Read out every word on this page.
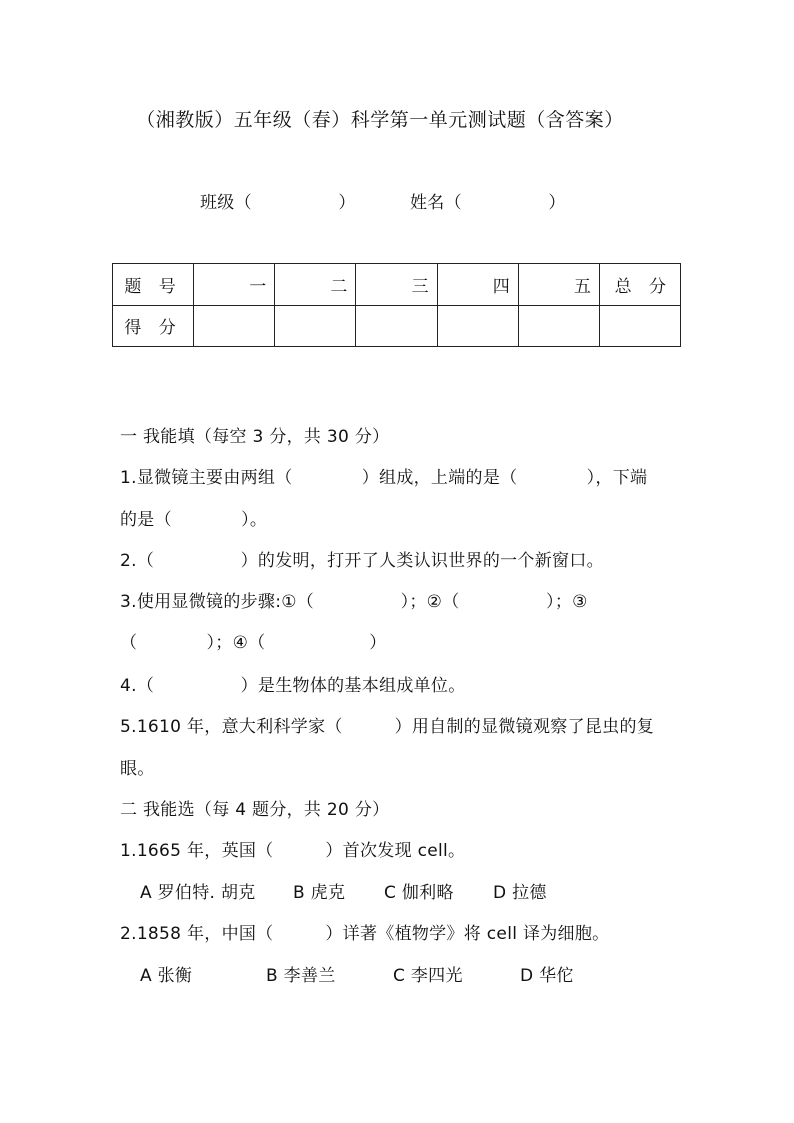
（湘教版）五年级（春）科学第一单元测试题（含答案）
班级（　　　　　）	姓名（　　　　　）
题 号	一	二	三	四	五	总 分
得 分						
一 我能填（每空 3 分，共 30 分）
1.显微镜主要由两组（　　　　）组成，上端的是（　　　　），下端
的是（　　　　）。
2.（　　　　　）的发明，打开了人类认识世界的一个新窗口。
3.使用显微镜的步骤:①（　　　　　）；②（　　　　　）；③
（　　　　）；④（　　　　　　）
4.（　　　　　）是生物体的基本组成单位。
5.1610 年，意大利科学家（　　　）用自制的显微镜观察了昆虫的复
眼。
二 我能选（每 4 题分，共 20 分）
1.1665 年，英国（　　　）首次发现 cell。
A 罗伯特. 胡克 B 虎克 C 伽利略 D 拉德
2.1858 年，中国（　　　）详著《植物学》将 cell 译为细胞。
A 张衡	B 李善兰	C 李四光	D 华佗
